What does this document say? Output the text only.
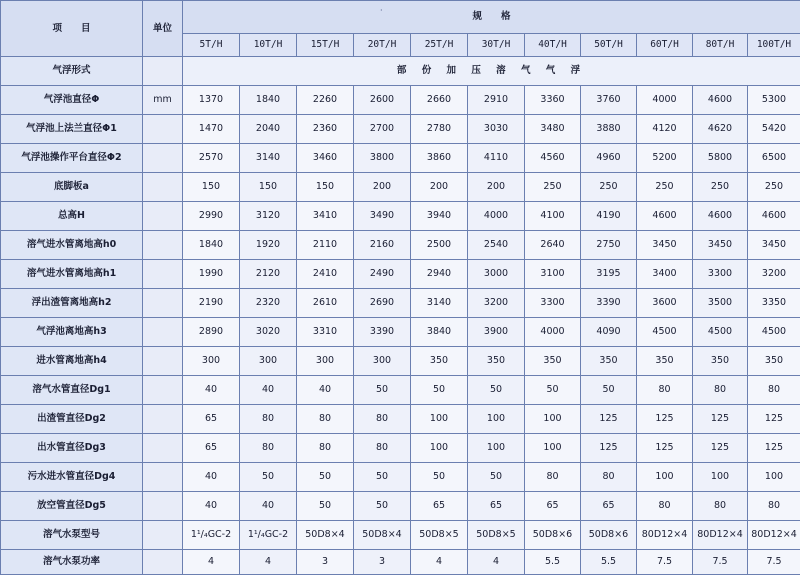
项　　目	单位	规　　格										
		5T/H	10T/H	15T/H	20T/H	25T/H	30T/H	40T/H	50T/H	60T/H	80T/H	100T/H
气浮形式		部 份 加 压 溶 气 气 浮										
气浮池直径Φ	mm	1370	1840	2260	2600	2660	2910	3360	3760	4000	4600	5300
气浮池上法兰直径Φ1		1470	2040	2360	2700	2780	3030	3480	3880	4120	4620	5420
气浮池操作平台直径Φ2		2570	3140	3460	3800	3860	4110	4560	4960	5200	5800	6500
底脚板a		150	150	150	200	200	200	250	250	250	250	250
总高H		2990	3120	3410	3490	3940	4000	4100	4190	4600	4600	4600
溶气进水管离地高h0		1840	1920	2110	2160	2500	2540	2640	2750	3450	3450	3450
溶气进水管离地高h1		1990	2120	2410	2490	2940	3000	3100	3195	3400	3300	3200
浮出渣管离地高h2		2190	2320	2610	2690	3140	3200	3300	3390	3600	3500	3350
气浮池离地高h3		2890	3020	3310	3390	3840	3900	4000	4090	4500	4500	4500
进水管离地高h4		300	300	300	300	350	350	350	350	350	350	350
溶气水管直径Dg1		40	40	40	50	50	50	50	50	80	80	80
出渣管直径Dg2		65	80	80	80	100	100	100	125	125	125	125
出水管直径Dg3		65	80	80	80	100	100	100	125	125	125	125
污水进水管直径Dg4		40	50	50	50	50	50	80	80	100	100	100
放空管直径Dg5		40	40	50	50	65	65	65	65	80	80	80
溶气水泵型号		1¹/₄GC-2	1¹/₄GC-2	50D8×4	50D8×4	50D8×5	50D8×5	50D8×6	50D8×6	80D12×4	80D12×4	80D12×4
溶气水泵功率		4	4	3	3	4	4	5.5	5.5	7.5	7.5	7.5
·
